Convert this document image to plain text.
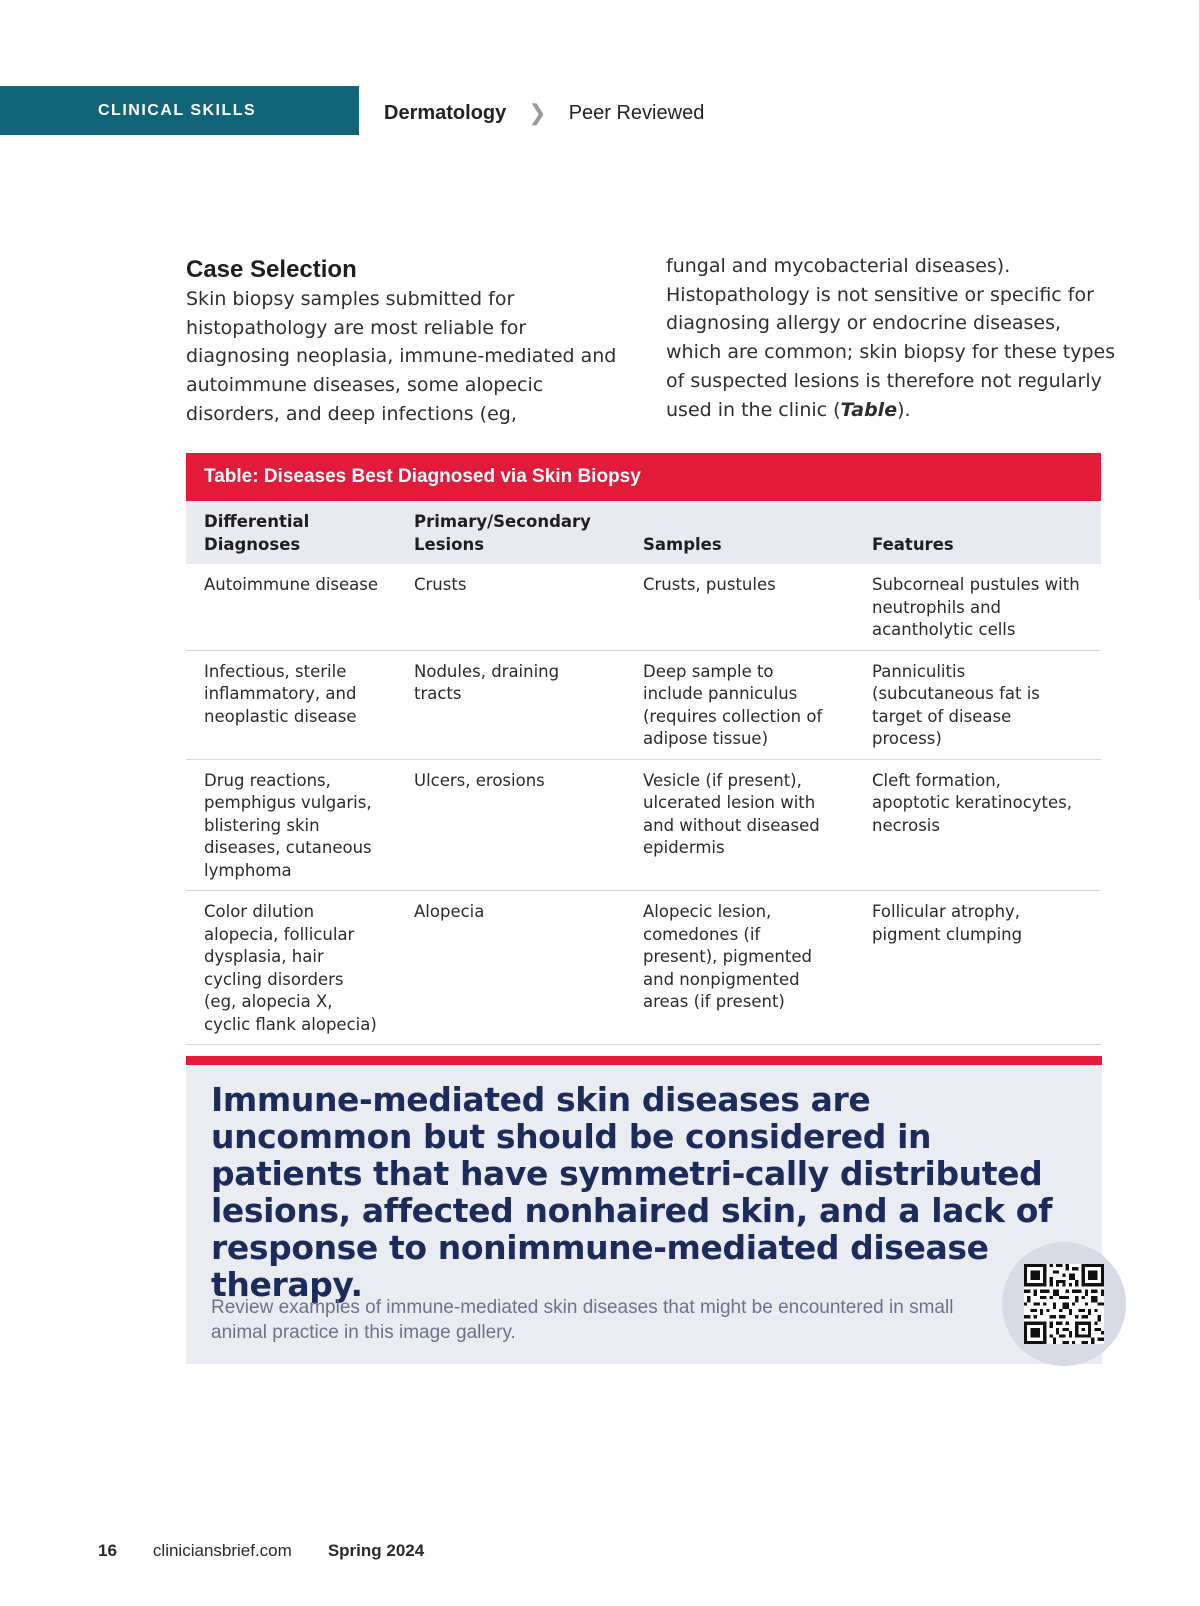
CLINICAL SKILLS	Dermatology ❯ Peer Reviewed
Case Selection

Skin biopsy samples submitted for histopathology are most reliable for diagnosing neoplasia, immune-mediated and autoimmune diseases, some alopecic disorders, and deep infections (eg,

fungal and mycobacterial diseases). Histopathology is not sensitive or specific for diagnosing allergy or endocrine diseases, which are common; skin biopsy for these types of suspected lesions is therefore not regularly used in the clinic (Table).

Table: Diseases Best Diagnosed via Skin Biopsy
Differential Diagnoses	Primary/Secondary Lesions	Samples	Features
Autoimmune disease	Crusts	Crusts, pustules	Subcorneal pustules with neutrophils and acantholytic cells
Infectious, sterile inflammatory, and neoplastic disease	Nodules, draining tracts	Deep sample to include panniculus (requires collection of adipose tissue)	Panniculitis (subcutaneous fat is target of disease process)
Drug reactions, pemphigus vulgaris, blistering skin diseases, cutaneous lymphoma	Ulcers, erosions	Vesicle (if present), ulcerated lesion with and without diseased epidermis	Cleft formation, apoptotic keratinocytes, necrosis
Color dilution alopecia, follicular dysplasia, hair cycling disorders (eg, alopecia X, cyclic flank alopecia)	Alopecia	Alopecic lesion, comedones (if present), pigmented and nonpigmented areas (if present)	Follicular atrophy, pigment clumping
Immune-mediated skin diseases are uncommon but should be considered in patients that have symmetri-cally distributed lesions, affected nonhaired skin, and a lack of response to nonimmune-mediated disease therapy.
Review examples of immune-mediated skin diseases that might be encountered in small animal practice in this image gallery.
16 cliniciansbrief.com Spring 2024
